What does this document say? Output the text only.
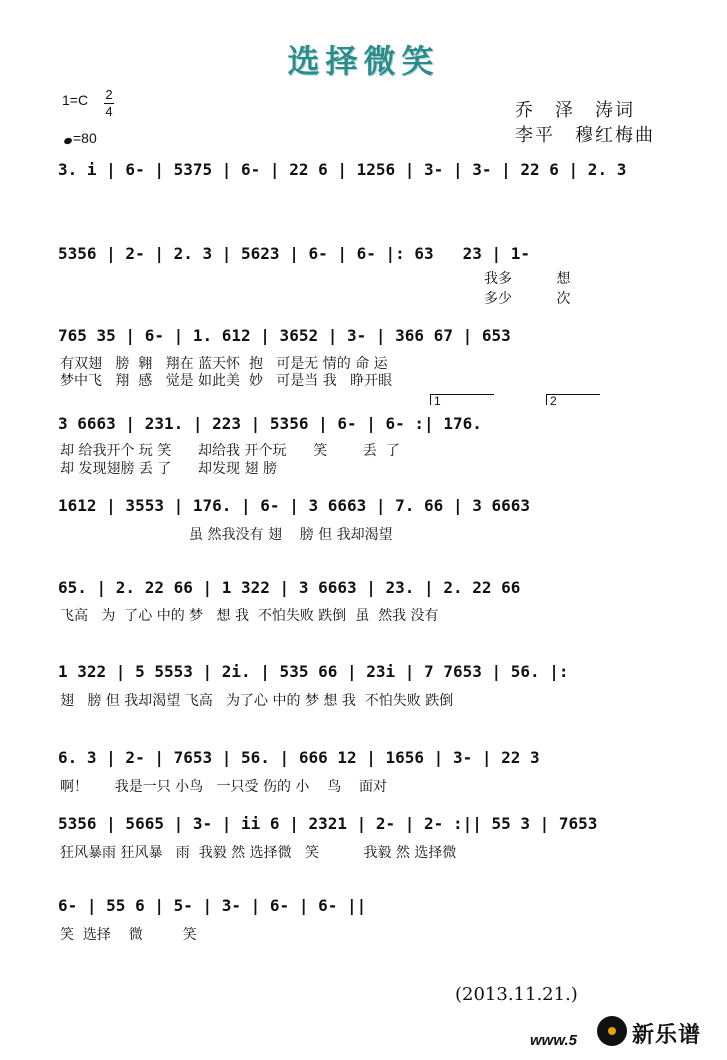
选择微笑
1=C 2
4
=80
乔　泽　涛词
李平　穆红梅曲
3. i | 6- | 5375 | 6- | 22 6 | 1256 | 3- | 3- | 22 6 | 2. 3
5356 | 2- | 2. 3 | 5623 | 6- | 6- |: 63   23 | 1-
我多          想
多少          次
765 35 | 6- | 1. 612 | 3652 | 3- | 366 67 | 653
有双翅   膀  翱   翔在 蓝天怀  抱   可是无 情的 命 运
梦中飞   翔  感   觉是 如此美  妙   可是当 我   睁开眼
1	2
3 6663 | 231. | 223 | 5356 | 6- | 6- :| 176.
却 给我开个 玩 笑      却给我 开个玩      笑        丢  了
却 发现翅膀 丢 了      却发现 翅 膀
1612 | 3553 | 176. | 6- | 3 6663 | 7. 66 | 3 6663
虽 然我没有 翅    膀 但 我却渴望
65. | 2. 22 66 | 1 322 | 3 6663 | 23. | 2. 22 66
飞高   为  了心 中的 梦   想 我  不怕失败 跌倒  虽  然我 没有
1 322 | 5 5553 | 2i. | 535 66 | 23i | 7 7653 | 56. |:
翅   膀 但 我却渴望 飞高   为了心 中的 梦 想 我  不怕失败 跌倒
6. 3 | 2- | 7653 | 56. | 666 12 | 1656 | 3- | 22 3
啊！      我是一只 小鸟   一只受 伤的 小    鸟    面对
5356 | 5665 | 3- | ii 6 | 2321 | 2- | 2- :|| 55 3 | 7653
狂风暴雨 狂风暴   雨  我毅 然 选择微   笑          我毅 然 选择微
6- | 55 6 | 5- | 3- | 6- | 6- ||
笑  选择    微         笑
(2013.11.21.)
www.5	新乐谱
